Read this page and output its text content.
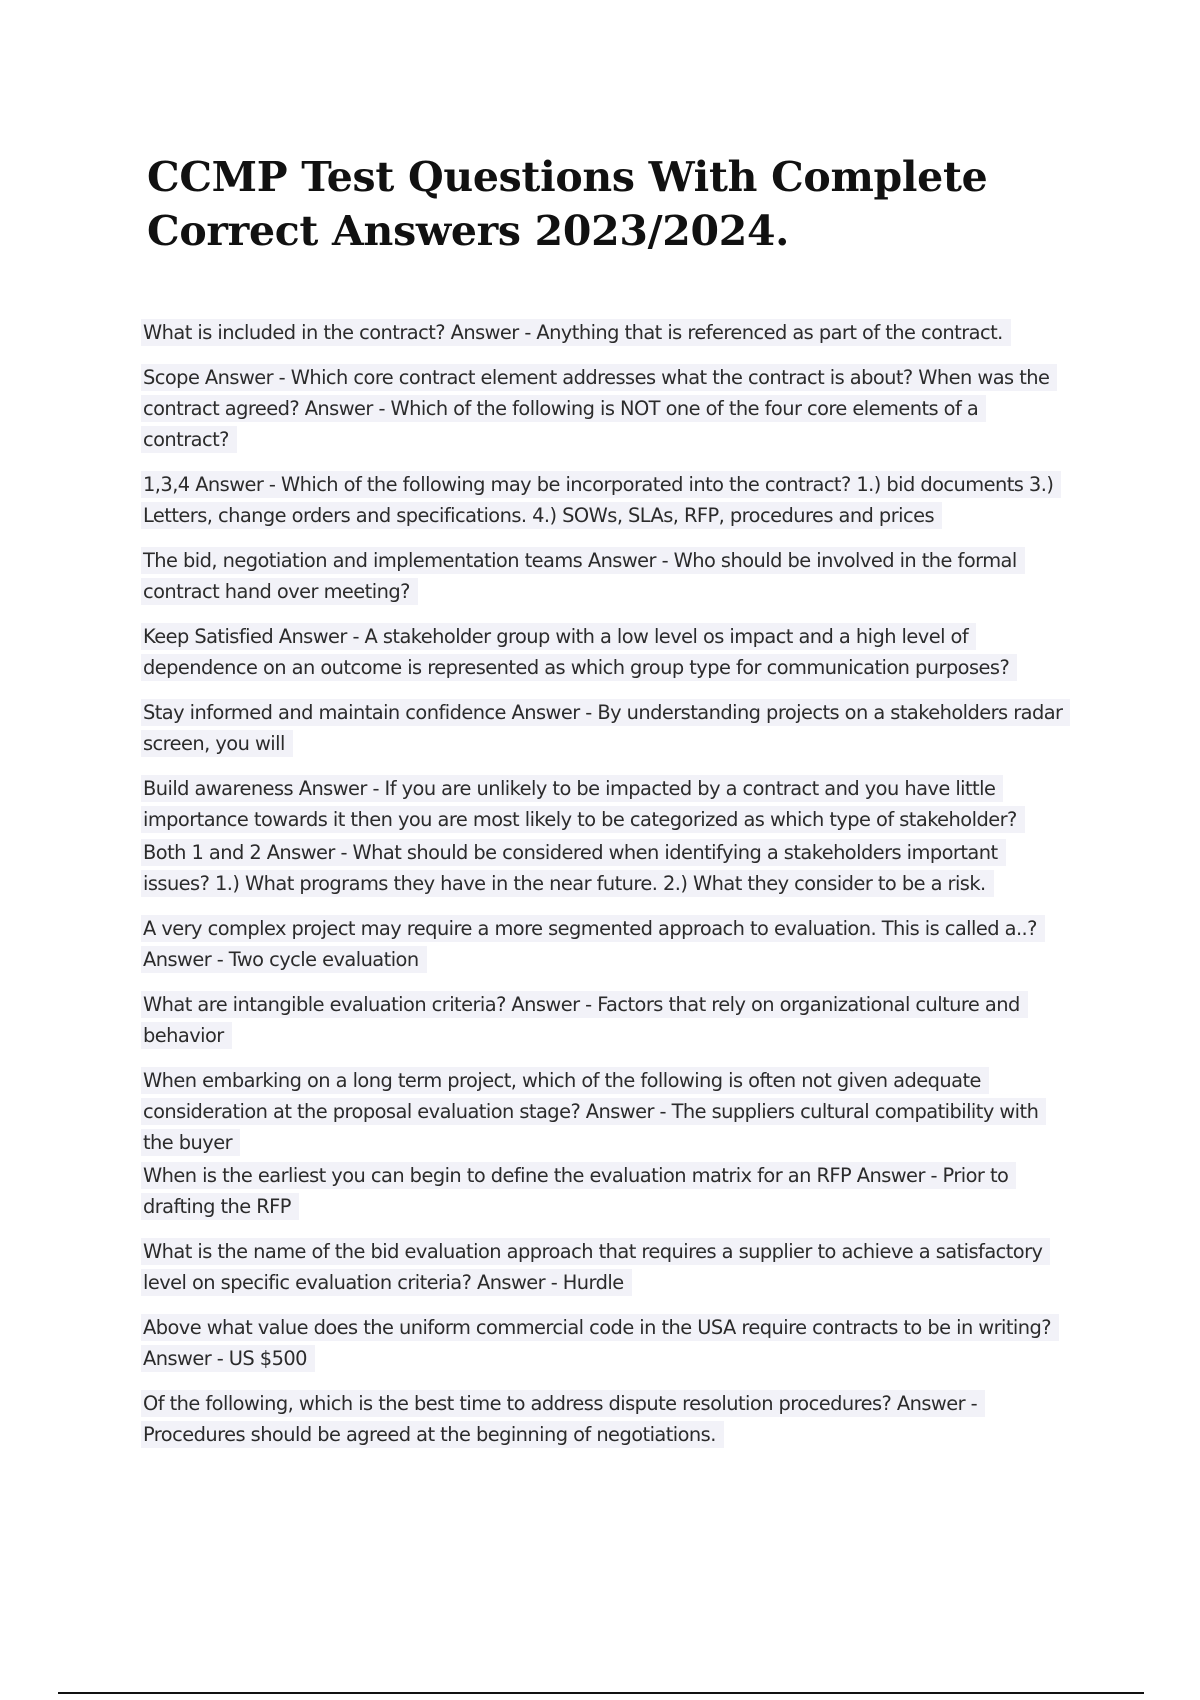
CCMP Test Questions With Complete Correct Answers 2023/2024.

What is included in the contract? Answer - Anything that is referenced as part of the contract.

Scope Answer - Which core contract element addresses what the contract is about? When was the contract agreed? Answer - Which of the following is NOT one of the four core elements of a contract?

1,3,4 Answer - Which of the following may be incorporated into the contract? 1.) bid documents 3.) Letters, change orders and specifications. 4.) SOWs, SLAs, RFP, procedures and prices

The bid, negotiation and implementation teams Answer - Who should be involved in the formal contract hand over meeting?

Keep Satisfied Answer - A stakeholder group with a low level os impact and a high level of dependence on an outcome is represented as which group type for communication purposes?

Stay informed and maintain confidence Answer - By understanding projects on a stakeholders radar screen, you will

Build awareness Answer - If you are unlikely to be impacted by a contract and you have little importance towards it then you are most likely to be categorized as which type of stakeholder?

Both 1 and 2 Answer - What should be considered when identifying a stakeholders important issues? 1.) What programs they have in the near future. 2.) What they consider to be a risk.

A very complex project may require a more segmented approach to evaluation. This is called a..? Answer - Two cycle evaluation

What are intangible evaluation criteria? Answer - Factors that rely on organizational culture and behavior

When embarking on a long term project, which of the following is often not given adequate consideration at the proposal evaluation stage? Answer - The suppliers cultural compatibility with the buyer

When is the earliest you can begin to define the evaluation matrix for an RFP Answer - Prior to drafting the RFP

What is the name of the bid evaluation approach that requires a supplier to achieve a satisfactory level on specific evaluation criteria? Answer - Hurdle

Above what value does the uniform commercial code in the USA require contracts to be in writing? Answer - US $500

Of the following, which is the best time to address dispute resolution procedures? Answer - Procedures should be agreed at the beginning of negotiations.
